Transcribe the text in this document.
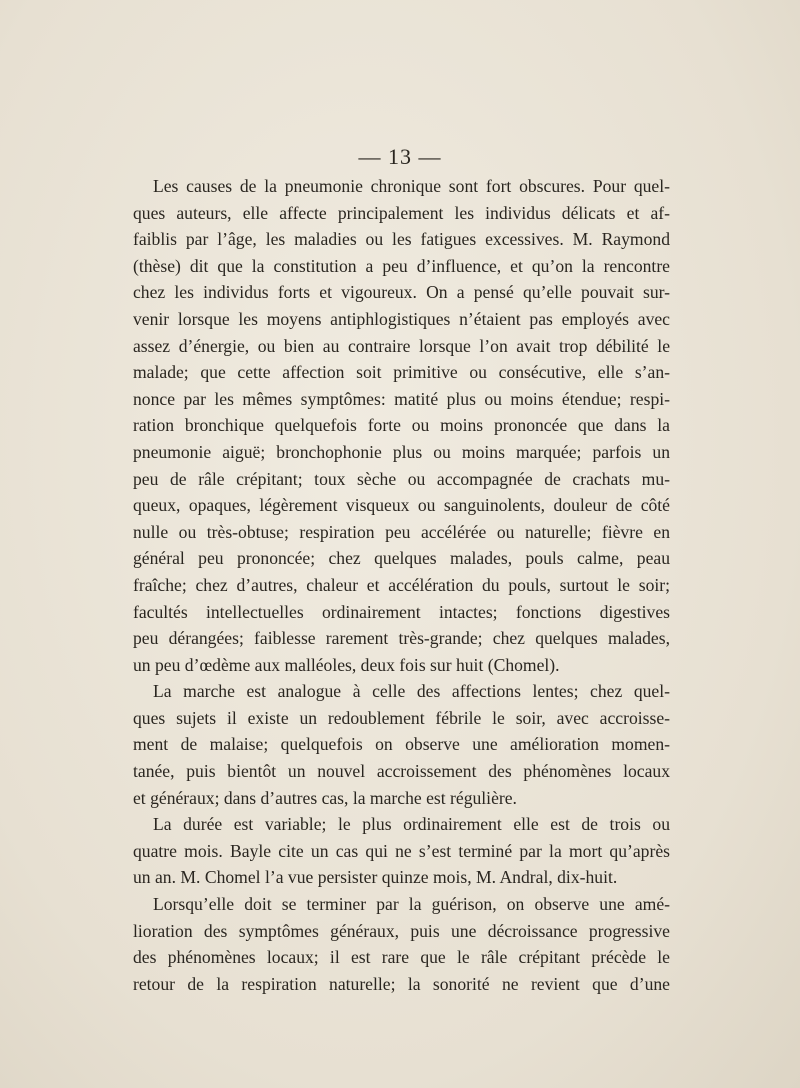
— 13 —
Les causes de la pneumonie chronique sont fort obscures. Pour quel-
ques auteurs, elle affecte principalement les individus délicats et af-
faiblis par l’âge, les maladies ou les fatigues excessives. M. Raymond
(thèse) dit que la constitution a peu d’influence, et qu’on la rencontre
chez les individus forts et vigoureux. On a pensé qu’elle pouvait sur-
venir lorsque les moyens antiphlogistiques n’étaient pas employés avec
assez d’énergie, ou bien au contraire lorsque l’on avait trop débilité le
malade; que cette affection soit primitive ou consécutive, elle s’an-
nonce par les mêmes symptômes: matité plus ou moins étendue; respi-
ration bronchique quelquefois forte ou moins prononcée que dans la
pneumonie aiguë; bronchophonie plus ou moins marquée; parfois un
peu de râle crépitant; toux sèche ou accompagnée de crachats mu-
queux, opaques, légèrement visqueux ou sanguinolents, douleur de côté
nulle ou très-obtuse; respiration peu accélérée ou naturelle; fièvre en
général peu prononcée; chez quelques malades, pouls calme, peau
fraîche; chez d’autres, chaleur et accélération du pouls, surtout le soir;
facultés intellectuelles ordinairement intactes; fonctions digestives
peu dérangées; faiblesse rarement très-grande; chez quelques malades,
un peu d’œdème aux malléoles, deux fois sur huit (Chomel).
La marche est analogue à celle des affections lentes; chez quel-
ques sujets il existe un redoublement fébrile le soir, avec accroisse-
ment de malaise; quelquefois on observe une amélioration momen-
tanée, puis bientôt un nouvel accroissement des phénomènes locaux
et généraux; dans d’autres cas, la marche est régulière.
La durée est variable; le plus ordinairement elle est de trois ou
quatre mois. Bayle cite un cas qui ne s’est terminé par la mort qu’après
un an. M. Chomel l’a vue persister quinze mois, M. Andral, dix-huit.
Lorsqu’elle doit se terminer par la guérison, on observe une amé-
lioration des symptômes généraux, puis une décroissance progressive
des phénomènes locaux; il est rare que le râle crépitant précède le
retour de la respiration naturelle; la sonorité ne revient que d’une
